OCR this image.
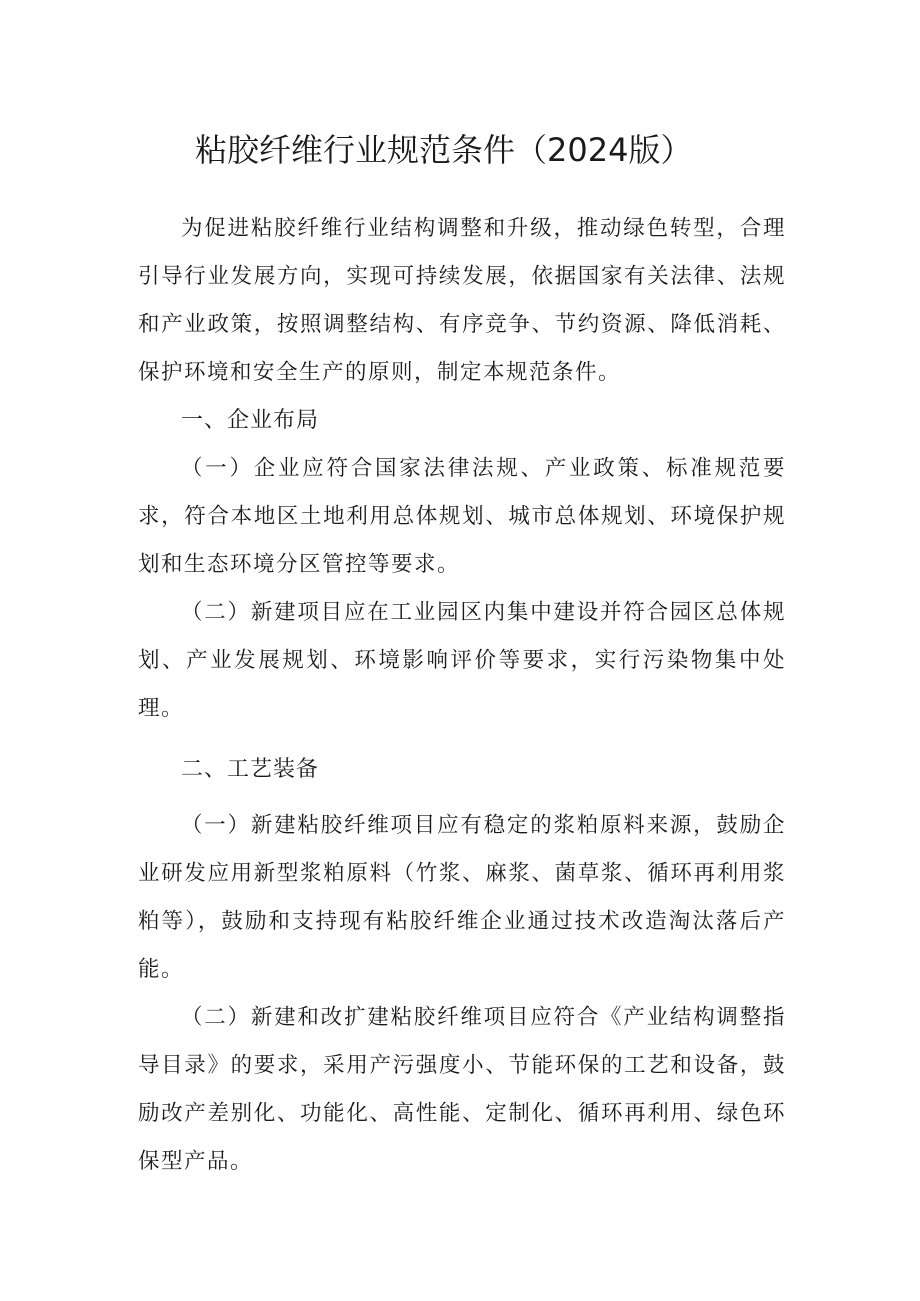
粘胶纤维行业规范条件（2024版）

为促进粘胶纤维行业结构调整和升级，推动绿色转型，合理引导行业发展方向，实现可持续发展，依据国家有关法律、法规和产业政策，按照调整结构、有序竞争、节约资源、降低消耗、保护环境和安全生产的原则，制定本规范条件。

一、企业布局

（一）企业应符合国家法律法规、产业政策、标准规范要求，符合本地区土地利用总体规划、城市总体规划、环境保护规划和生态环境分区管控等要求。

（二）新建项目应在工业园区内集中建设并符合园区总体规划、产业发展规划、环境影响评价等要求，实行污染物集中处理。

二、工艺装备

（一）新建粘胶纤维项目应有稳定的浆粕原料来源，鼓励企业研发应用新型浆粕原料（竹浆、麻浆、菌草浆、循环再利用浆粕等），鼓励和支持现有粘胶纤维企业通过技术改造淘汰落后产能。

（二）新建和改扩建粘胶纤维项目应符合《产业结构调整指导目录》的要求，采用产污强度小、节能环保的工艺和设备，鼓励改产差别化、功能化、高性能、定制化、循环再利用、绿色环保型产品。
